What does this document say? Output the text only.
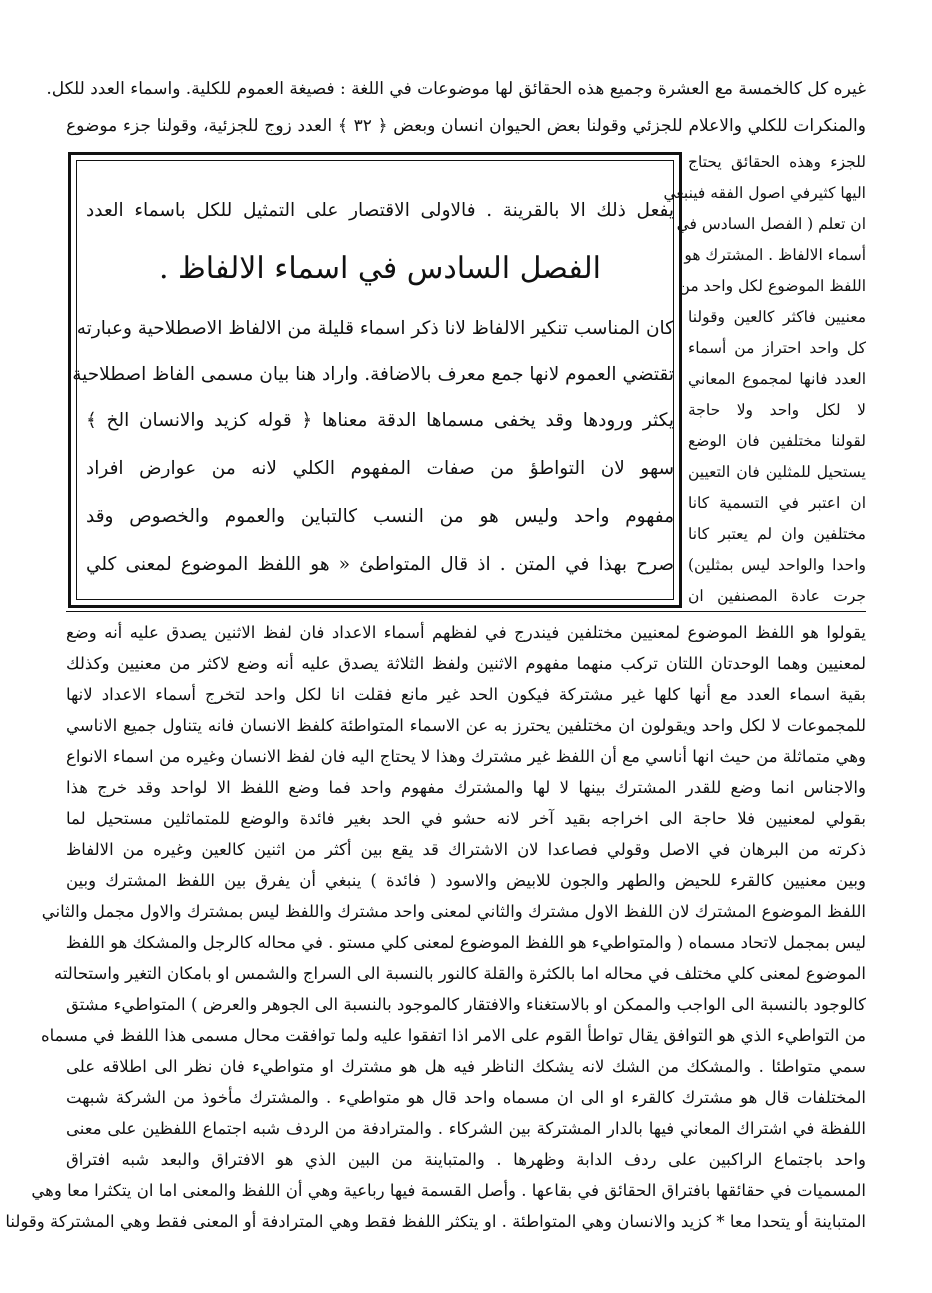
غيره كل كالخمسة مع العشرة وجميع هذه الحقائق لها موضوعات في اللغة : فصيغة العموم للكلية. واسماء العدد للكل.
والمنكرات للكلي والاعلام للجزئي وقولنا بعض الحيوان انسان وبعض ﴿ ٣٢ ﴾ العدد زوج للجزئية، وقولنا جزء موضوع
للجزء وهذه الحقائق يحتاج
اليها كثيرفي اصول الفقه فينبغي
ان تعلم ( الفصل السادس في
أسماء الالفاظ . المشترك هو
اللفظ الموضوع لكل واحد من
معنيين فاكثر كالعين وقولنا
كل واحد احتراز من أسماء
العدد فانها لمجموع المعاني
لا لكل واحد ولا حاجة
لقولنا مختلفين فان الوضع
يستحيل للمثلين فان التعيين
ان اعتبر في التسمية كانا
مختلفين وان لم يعتبر كانا
واحدا والواحد ليس بمثلين)
جرت عادة المصنفين ان
يفعل ذلك الا بالقرينة . فالاولى الاقتصار على التمثيل للكل باسماء العدد
الفصل السادس في اسماء الالفاظ .
كان المناسب تنكير الالفاظ لانا ذكر اسماء قليلة من الالفاظ الاصطلاحية وعبارته
تقتضي العموم لانها جمع معرف بالاضافة. واراد هنا بيان مسمى الفاظ اصطلاحية
يكثر ورودها وقد يخفى مسماها الدقة معناها ﴿ قوله كزيد والانسان الخ ﴾
سهو لان التواطؤ من صفات المفهوم الكلي لانه من عوارض افراد
مفهوم واحد وليس هو من النسب كالتباين والعموم والخصوص وقد
صرح بهذا في المتن . اذ قال المتواطئ « هو اللفظ الموضوع لمعنى كلي
يقولوا هو اللفظ الموضوع لمعنيين مختلفين فيندرج في لفظهم أسماء الاعداد فان لفظ الاثنين يصدق عليه أنه وضع
لمعنيين وهما الوحدتان اللتان تركب منهما مفهوم الاثنين ولفظ الثلاثة يصدق عليه أنه وضع لاكثر من معنيين وكذلك
بقية اسماء العدد مع أنها كلها غير مشتركة فيكون الحد غير مانع فقلت انا لكل واحد لتخرج أسماء الاعداد لانها
للمجموعات لا لكل واحد ويقولون ان مختلفين يحترز به عن الاسماء المتواطئة كلفظ الانسان فانه يتناول جميع الاناسي
وهي متماثلة من حيث انها أناسي مع أن اللفظ غير مشترك وهذا لا يحتاج اليه فان لفظ الانسان وغيره من اسماء الانواع
والاجناس انما وضع للقدر المشترك بينها لا لها والمشترك مفهوم واحد فما وضع اللفظ الا لواحد وقد خرج هذا
بقولي لمعنيين فلا حاجة الى اخراجه بقيد آخر لانه حشو في الحد بغير فائدة والوضع للمتماثلين مستحيل لما
ذكرته من البرهان في الاصل وقولي فصاعدا لان الاشتراك قد يقع بين أكثر من اثنين كالعين وغيره من الالفاظ
وبين معنيين كالقرء للحيض والطهر والجون للابيض والاسود ( فائدة ) ينبغي أن يفرق بين اللفظ المشترك وبين
اللفظ الموضوع المشترك لان اللفظ الاول مشترك والثاني لمعنى واحد مشترك واللفظ ليس بمشترك والاول مجمل والثاني
ليس بمجمل لاتحاد مسماه ( والمتواطيء هو اللفظ الموضوع لمعنى كلي مستو . في محاله كالرجل والمشكك هو اللفظ
الموضوع لمعنى كلي مختلف في محاله اما بالكثرة والقلة كالنور بالنسبة الى السراج والشمس او بامكان التغير واستحالته
كالوجود بالنسبة الى الواجب والممكن او بالاستغناء والافتقار كالموجود بالنسبة الى الجوهر والعرض ) المتواطيء مشتق
من التواطيء الذي هو التوافق يقال تواطأ القوم على الامر اذا اتفقوا عليه ولما توافقت محال مسمى هذا اللفظ في مسماه
سمي متواطئا . والمشكك من الشك لانه يشكك الناظر فيه هل هو مشترك او متواطيء فان نظر الى اطلاقه على
المختلفات قال هو مشترك كالقرء او الى ان مسماه واحد قال هو متواطيء . والمشترك مأخوذ من الشركة شبهت
اللفظة في اشتراك المعاني فيها بالدار المشتركة بين الشركاء . والمترادفة من الردف شبه اجتماع اللفظين على معنى
واحد باجتماع الراكبين على ردف الدابة وظهرها . والمتباينة من البين الذي هو الافتراق والبعد شبه افتراق
المسميات في حقائقها بافتراق الحقائق في بقاعها . وأصل القسمة فيها رباعية وهي أن اللفظ والمعنى اما ان يتكثرا معا وهي
المتباينة أو يتحدا معا * كزيد والانسان وهي المتواطئة . او يتكثر اللفظ فقط وهي المترادفة أو المعنى فقط وهي المشتركة وقولنا
